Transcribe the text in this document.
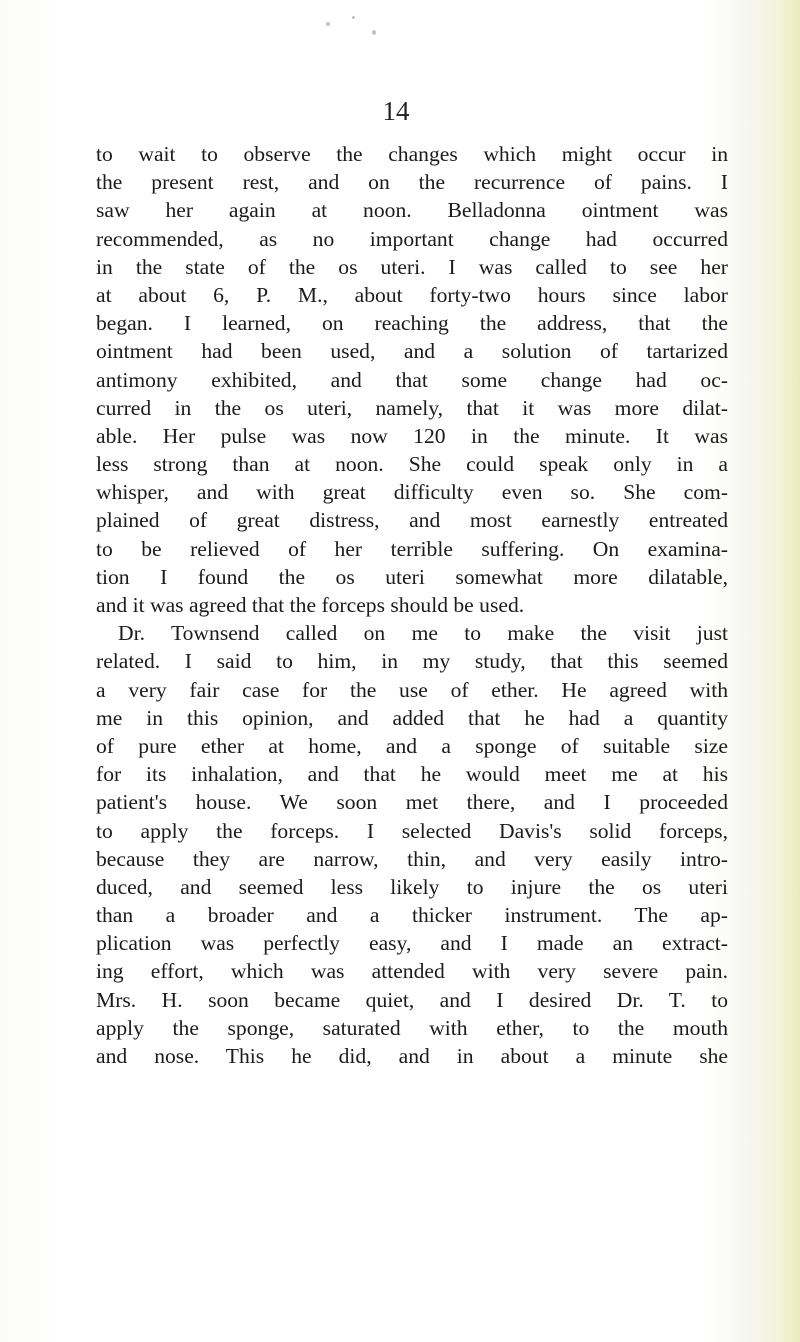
14
to wait to observe the changes which might occur in
the present rest, and on the recurrence of pains. I
saw her again at noon. Belladonna ointment was
recommended, as no important change had occurred
in the state of the os uteri. I was called to see her
at about 6, P. M., about forty-two hours since labor
began. I learned, on reaching the address, that the
ointment had been used, and a solution of tartarized
antimony exhibited, and that some change had oc-
curred in the os uteri, namely, that it was more dilat-
able. Her pulse was now 120 in the minute. It was
less strong than at noon. She could speak only in a
whisper, and with great difficulty even so. She com-
plained of great distress, and most earnestly entreated
to be relieved of her terrible suffering. On examina-
tion I found the os uteri somewhat more dilatable,
and it was agreed that the forceps should be used.
Dr. Townsend called on me to make the visit just
related. I said to him, in my study, that this seemed
a very fair case for the use of ether. He agreed with
me in this opinion, and added that he had a quantity
of pure ether at home, and a sponge of suitable size
for its inhalation, and that he would meet me at his
patient's house. We soon met there, and I proceeded
to apply the forceps. I selected Davis's solid forceps,
because they are narrow, thin, and very easily intro-
duced, and seemed less likely to injure the os uteri
than a broader and a thicker instrument. The ap-
plication was perfectly easy, and I made an extract-
ing effort, which was attended with very severe pain.
Mrs. H. soon became quiet, and I desired Dr. T. to
apply the sponge, saturated with ether, to the mouth
and nose. This he did, and in about a minute she
